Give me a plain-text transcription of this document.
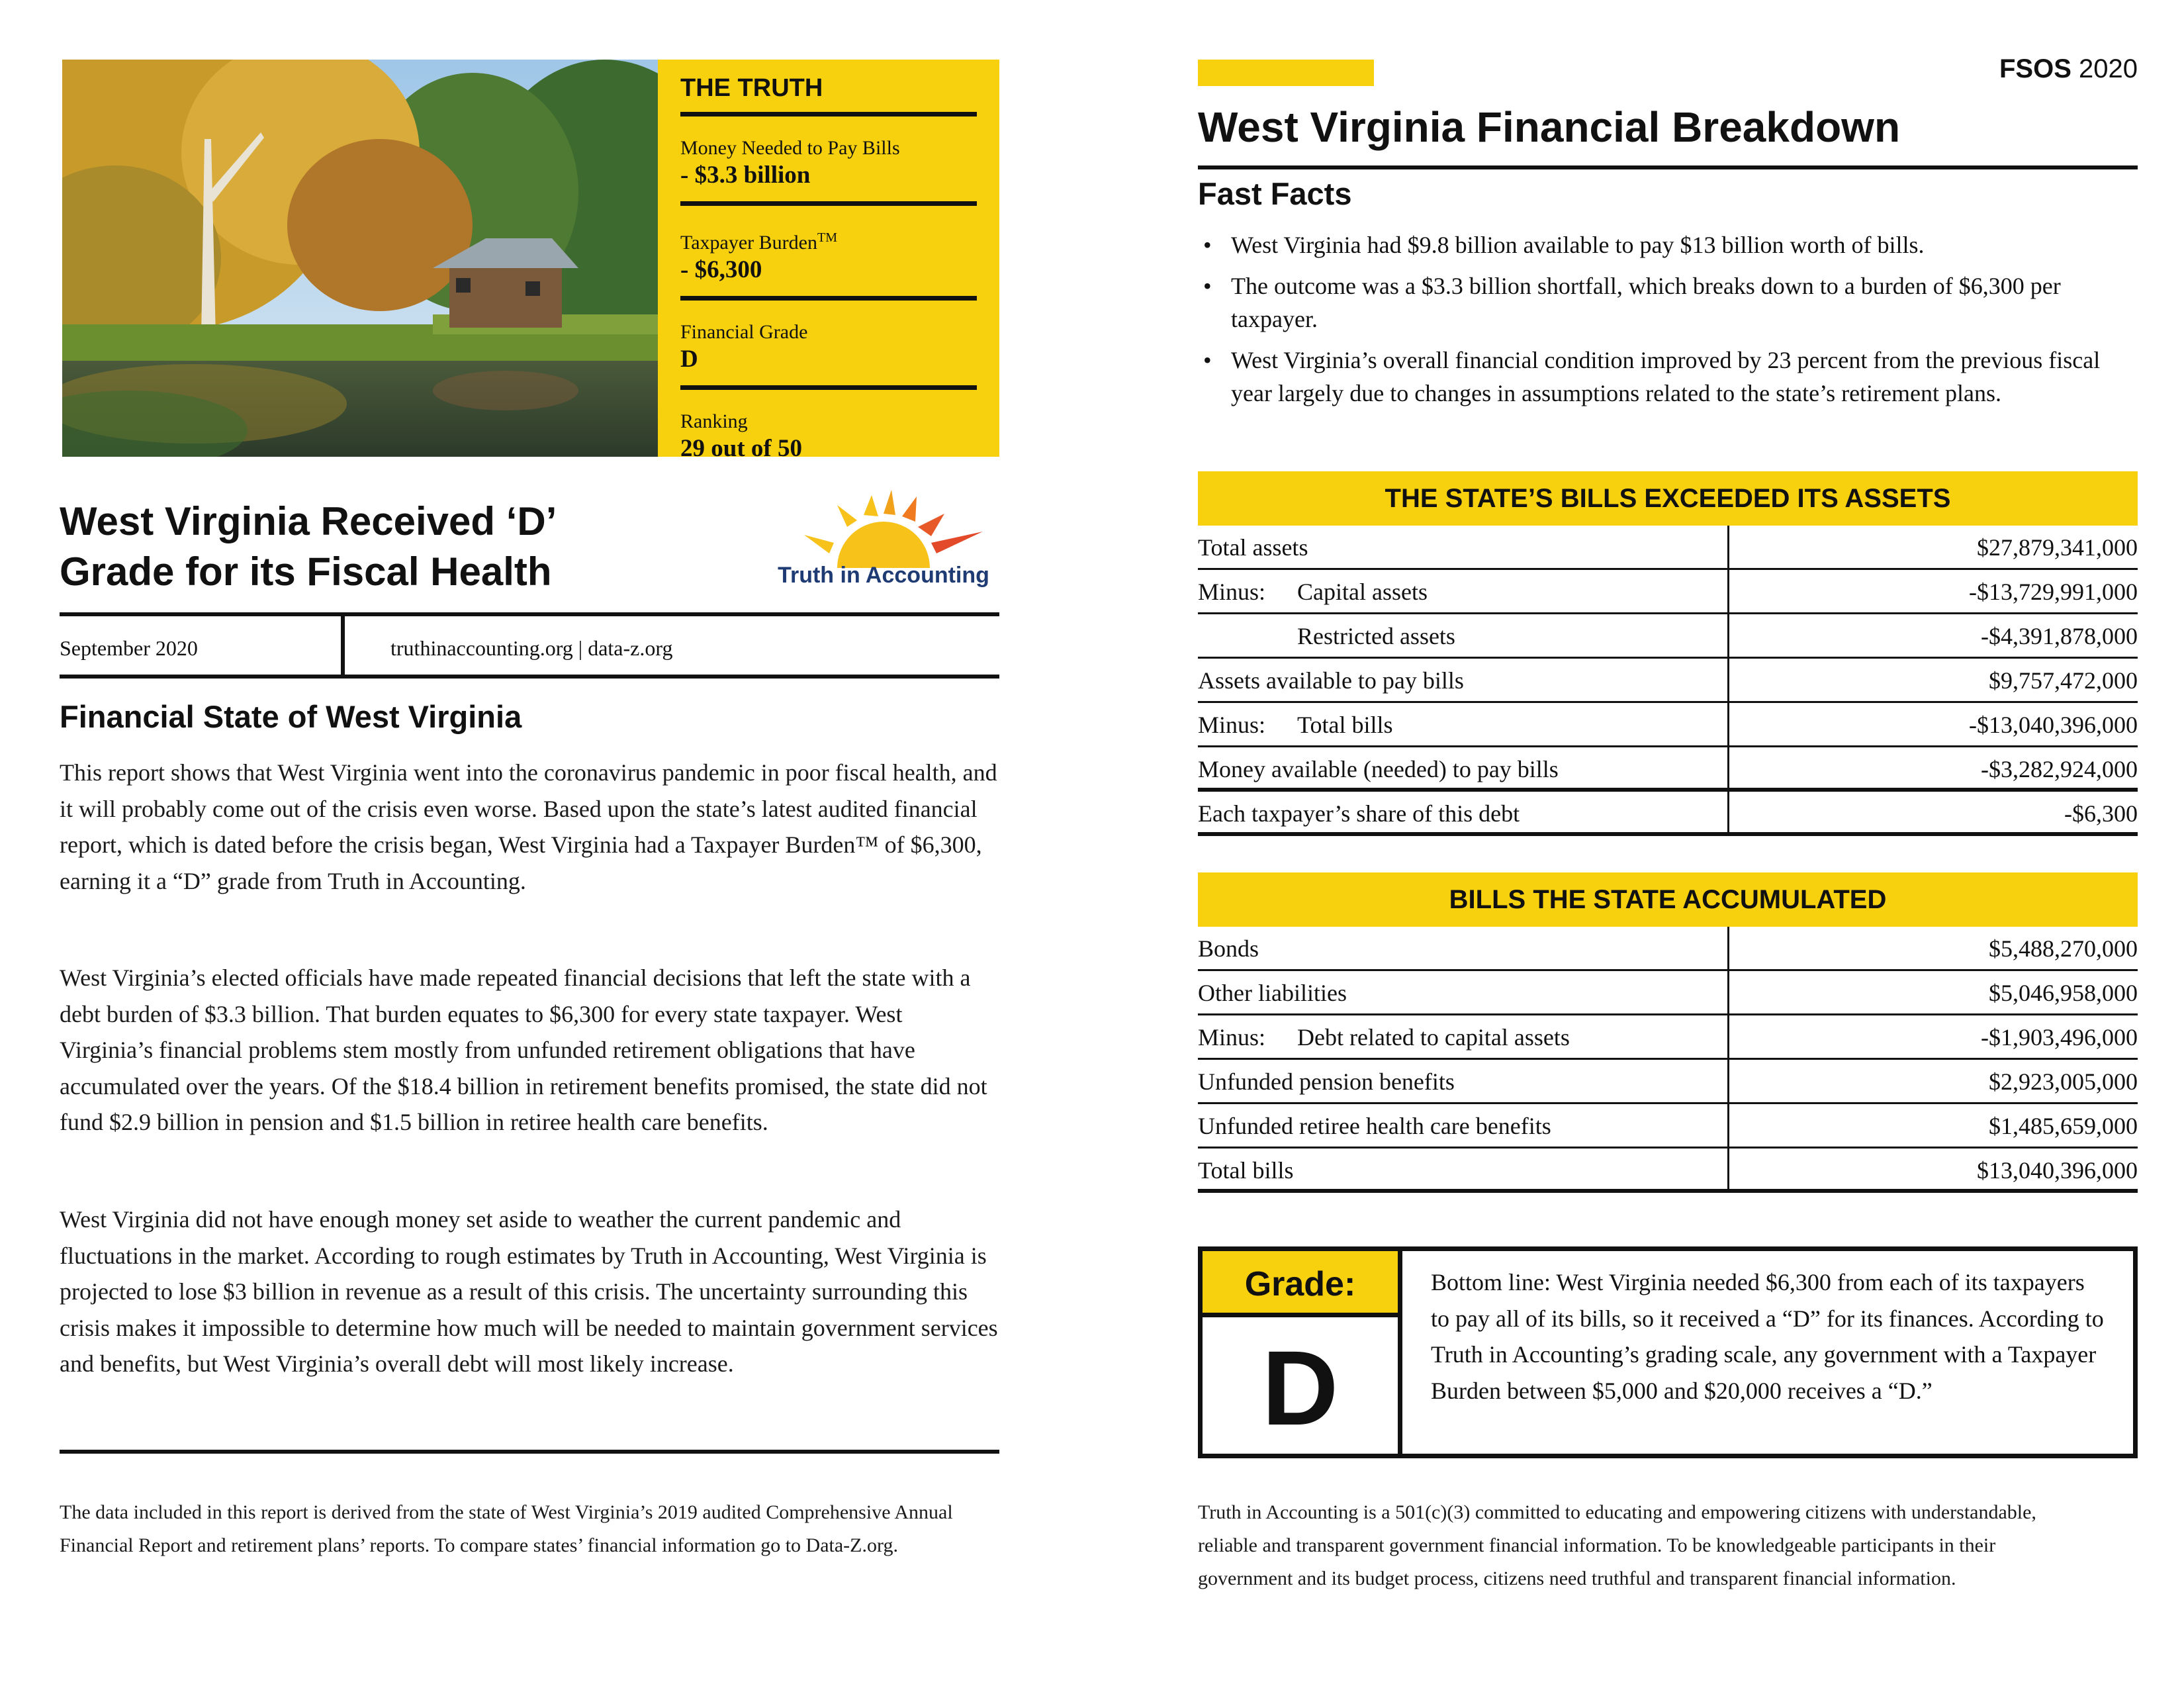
THE TRUTH
Money Needed to Pay Bills
- $3.3 billion
Taxpayer Burden™
- $6,300
Financial Grade
D
Ranking
29 out of 50
West Virginia Received ‘D’
Grade for its Fiscal Health	Truth in Accounting
September 2020	truthinaccounting.org | data-z.org
Financial State of West Virginia

This report shows that West Virginia went into the coronavirus pandemic in poor fiscal health, and it will probably come out of the crisis even worse. Based upon the state’s latest audited financial report, which is dated before the crisis began, West Virginia had a Taxpayer Burden™ of $6,300, earning it a “D” grade from Truth in Accounting.

West Virginia’s elected officials have made repeated financial decisions that left the state with a debt burden of $3.3 billion. That burden equates to $6,300 for every state taxpayer. West Virginia’s financial problems stem mostly from unfunded retirement obligations that have accumulated over the years. Of the $18.4 billion in retirement benefits promised, the state did not fund $2.9 billion in pension and $1.5 billion in retiree health care benefits.

West Virginia did not have enough money set aside to weather the current pandemic and fluctuations in the market. According to rough estimates by Truth in Accounting, West Virginia is projected to lose $3 billion in revenue as a result of this crisis. The uncertainty surrounding this crisis makes it impossible to determine how much will be needed to maintain government services and benefits, but West Virginia’s overall debt will most likely increase.

The data included in this report is derived from the state of West Virginia’s 2019 audited Comprehensive Annual Financial Report and retirement plans’ reports. To compare states’ financial information go to Data-Z.org.

FSOS 2020
West Virginia Financial Breakdown
Fast Facts
• West Virginia had $9.8 billion available to pay $13 billion worth of bills.
• The outcome was a $3.3 billion shortfall, which breaks down to a burden of $6,300 per taxpayer.
• West Virginia’s overall financial condition improved by 23 percent from the previous fiscal year largely due to changes in assumptions related to the state’s retirement plans.
THE STATE’S BILLS EXCEEDED ITS ASSETS
Total assets	$27,879,341,000
Minus: Capital assets	-$13,729,991,000
Restricted assets	-$4,391,878,000
Assets available to pay bills	$9,757,472,000
Minus: Total bills	-$13,040,396,000
Money available (needed) to pay bills	-$3,282,924,000
Each taxpayer’s share of this debt	-$6,300
BILLS THE STATE ACCUMULATED
Bonds	$5,488,270,000
Other liabilities	$5,046,958,000
Minus: Debt related to capital assets	-$1,903,496,000
Unfunded pension benefits	$2,923,005,000
Unfunded retiree health care benefits	$1,485,659,000
Total bills	$13,040,396,000
Grade:
D

Bottom line: West Virginia needed $6,300 from each of its taxpayers to pay all of its bills, so it received a “D” for its finances. According to Truth in Accounting’s grading scale, any government with a Taxpayer Burden between $5,000 and $20,000 receives a “D.”

Truth in Accounting is a 501(c)(3) committed to educating and empowering citizens with understandable, reliable and transparent government financial information. To be knowledgeable participants in their government and its budget process, citizens need truthful and transparent financial information.
